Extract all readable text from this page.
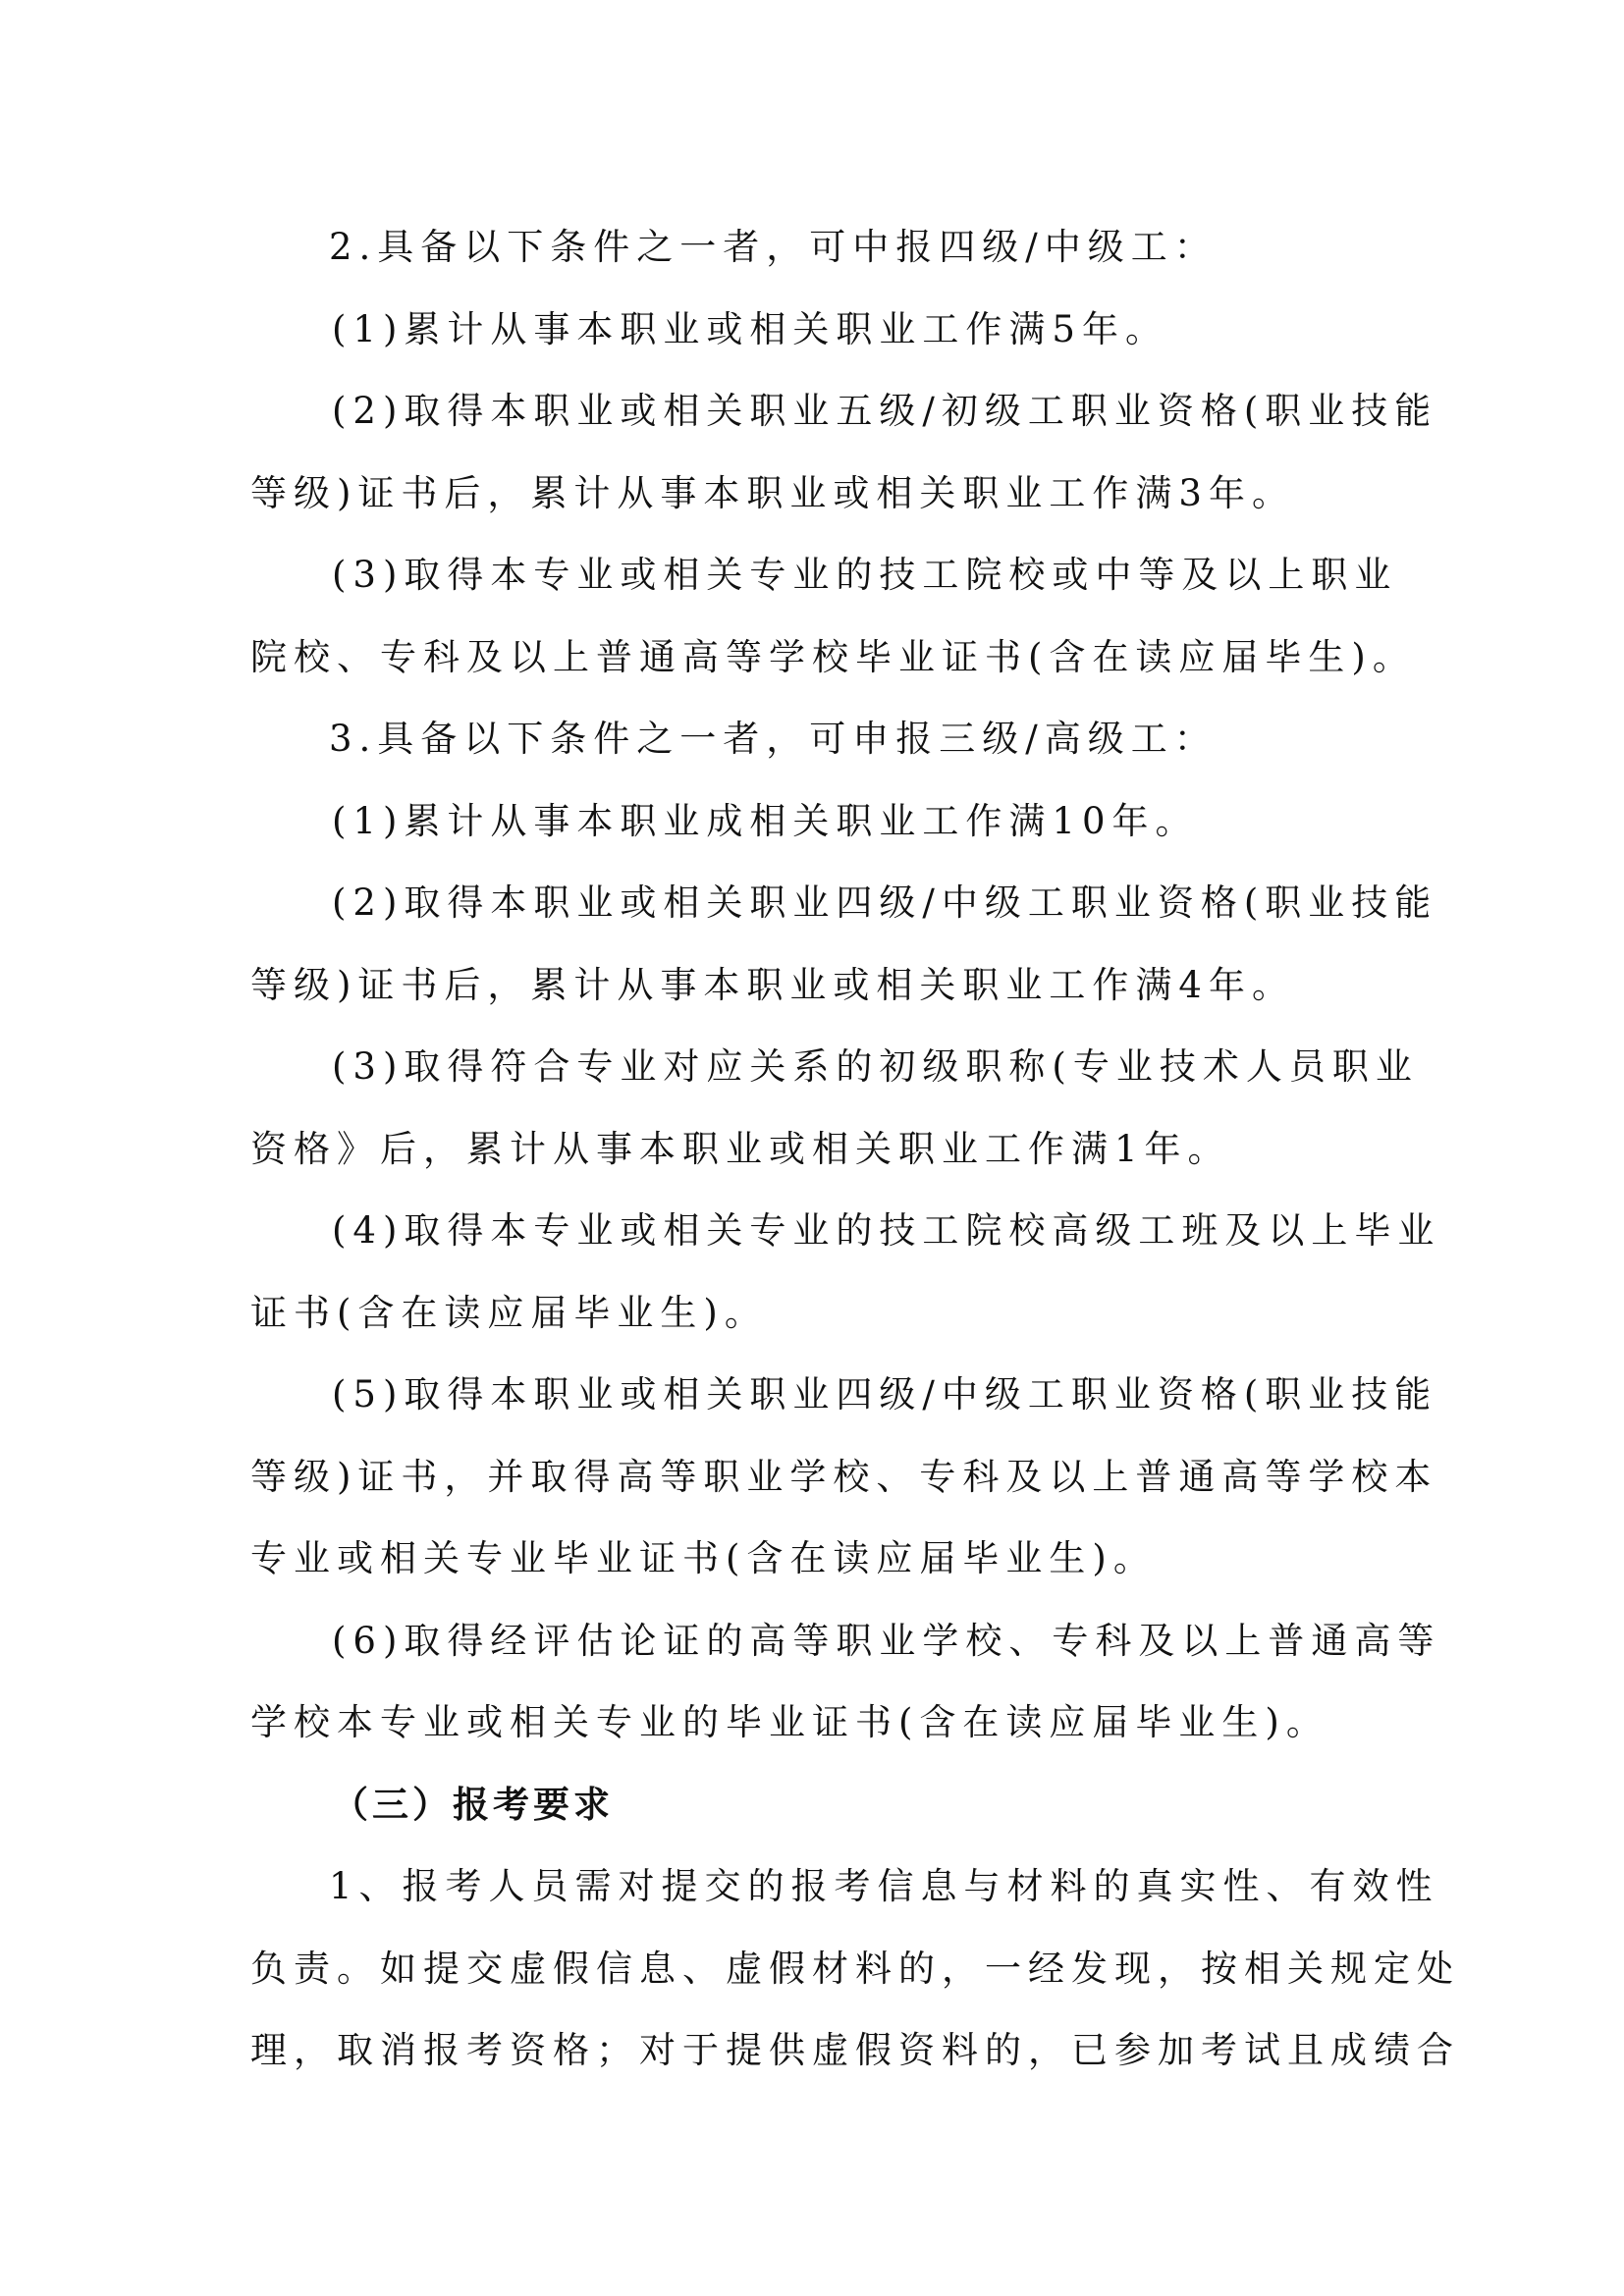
2.具备以下条件之一者，可中报四级/中级工：
(1)累计从事本职业或相关职业工作满5年。
(2)取得本职业或相关职业五级/初级工职业资格(职业技能
等级)证书后，累计从事本职业或相关职业工作满3年。
(3)取得本专业或相关专业的技工院校或中等及以上职业
院校、专科及以上普通高等学校毕业证书(含在读应届毕生)。
3.具备以下条件之一者，可申报三级/高级工：
(1)累计从事本职业成相关职业工作满10年。
(2)取得本职业或相关职业四级/中级工职业资格(职业技能
等级)证书后，累计从事本职业或相关职业工作满4年。
(3)取得符合专业对应关系的初级职称(专业技术人员职业
资格》后，累计从事本职业或相关职业工作满1年。
(4)取得本专业或相关专业的技工院校高级工班及以上毕业
证书(含在读应届毕业生)。
(5)取得本职业或相关职业四级/中级工职业资格(职业技能
等级)证书，并取得高等职业学校、专科及以上普通高等学校本
专业或相关专业毕业证书(含在读应届毕业生)。
(6)取得经评估论证的高等职业学校、专科及以上普通高等
学校本专业或相关专业的毕业证书(含在读应届毕业生)。
（三）报考要求
1、报考人员需对提交的报考信息与材料的真实性、有效性
负责。如提交虚假信息、虚假材料的，一经发现，按相关规定处
理，取消报考资格；对于提供虚假资料的，已参加考试且成绩合
